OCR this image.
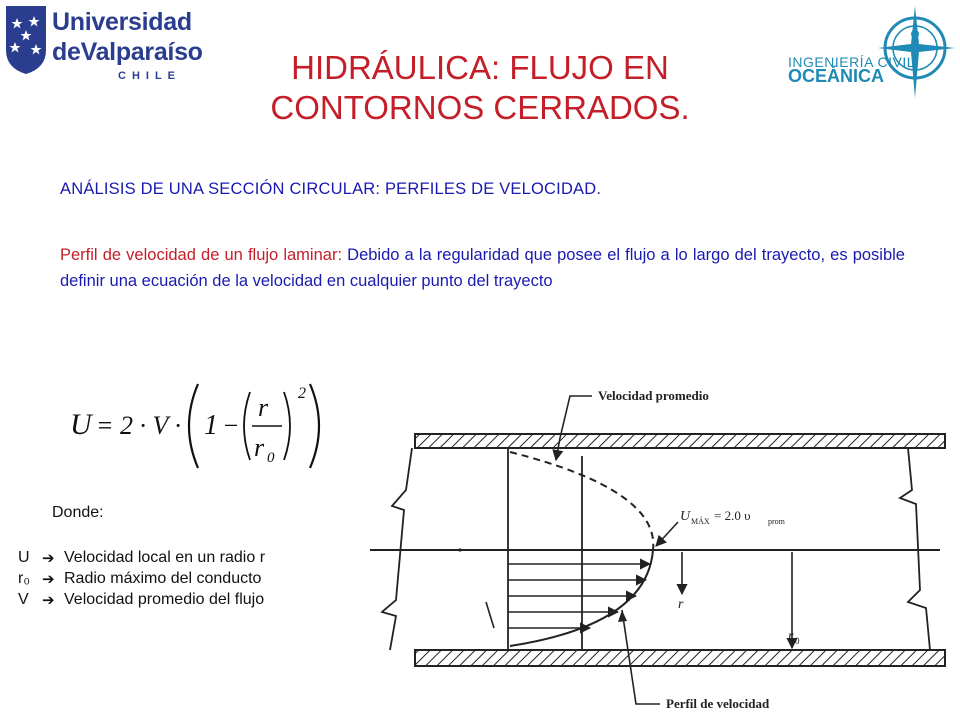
Universidad
deValparaíso
CHILE	HIDRÁULICA: FLUJO EN CONTORNOS CERRADOS.
INGENIERÍA CIVIL
OCEÁNICA
ANÁLISIS DE UNA SECCIÓN CIRCULAR: PERFILES DE VELOCIDAD.
Perfil de velocidad de un flujo laminar: Debido a la regularidad que posee el flujo a lo largo del trayecto, es posible definir una ecuación de la velocidad en cualquier punto del trayecto
U = 2 · V · 1 −
r
r 0
2
Donde:
U ➔ Velocidad local en un radio r
r₀ ➔ Radio máximo del conducto
V ➔ Velocidad promedio del flujo
Velocidad promedio
U MÁX = 2.0 υ prom
r
r 0
Perfil de velocidad
